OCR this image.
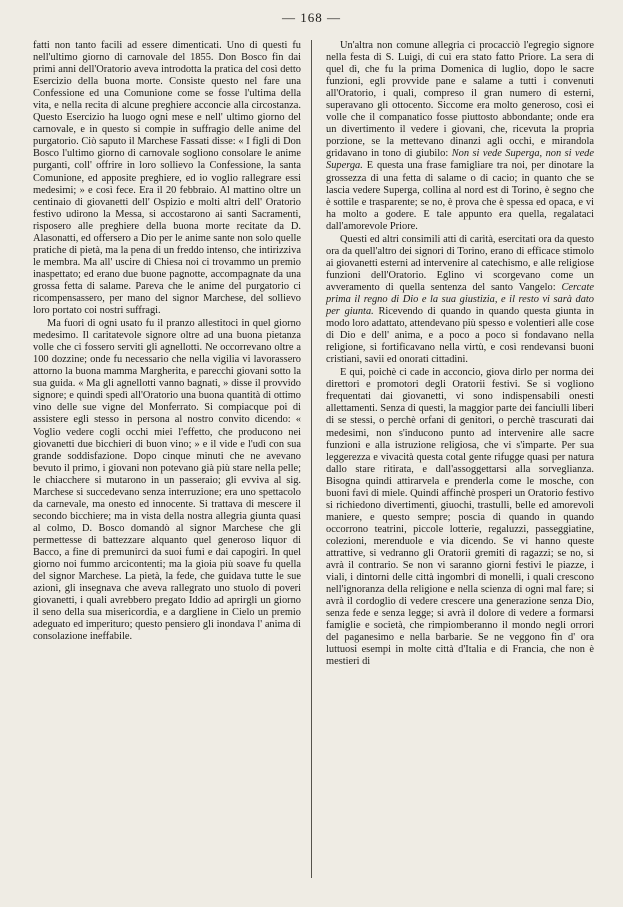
— 168 —

fatti non tanto facili ad essere dimenticati. Uno di questi fu nell'ultimo giorno di carnovale del 1855. Don Bosco fin dai primi anni dell'Oratorio aveva introdotta la pratica del così detto Esercizio della buona morte. Consiste questo nel fare una Confessione ed una Comunione come se fosse l'ultima della vita, e nella recita di alcune preghiere acconcie alla circostanza. Questo Esercizio ha luogo ogni mese e nell' ultimo giorno del carnovale, e in questo si compie in suffragio delle anime del purgatorio. Ciò saputo il Marchese Fassati disse: « I figli di Don Bosco l'ultimo giorno di carnovale sogliono consolare le anime purganti, coll' offrire in loro sollievo la Confessione, la santa Comunione, ed apposite preghiere, ed io voglio rallegrare essi medesimi; » e così fece. Era il 20 febbraio. Al mattino oltre un centinaio di giovanetti dell' Ospizio e molti altri dell' Oratorio festivo udirono la Messa, si accostarono ai santi Sacramenti, risposero alle preghiere della buona morte recitate da D. Alasonatti, ed offersero a Dio per le anime sante non solo quelle pratiche di pietà, ma la pena di un freddo intenso, che intirizziva le membra. Ma all' uscire di Chiesa noi ci trovammo un premio inaspettato; ed erano due buone pagnotte, accompagnate da una grossa fetta di salame. Pareva che le anime del purgatorio ci ricompensassero, per mano del signor Marchese, del sollievo loro portato coi nostri suffragi.

Ma fuori di ogni usato fu il pranzo allestitoci in quel giorno medesimo. Il caritatevole signore oltre ad una buona pietanza volle che ci fossero serviti gli agnellotti. Ne occorrevano oltre a 100 dozzine; onde fu necessario che nella vigilia vi lavorassero attorno la buona mamma Margherita, e parecchi giovani sotto la sua guida. « Ma gli agnellotti vanno bagnati, » disse il provvido signore; e quindi spedì all'Oratorio una buona quantità di ottimo vino delle sue vigne del Monferrato. Si compiacque poi di assistere egli stesso in persona al nostro convito dicendo: « Voglio vedere cogli occhi miei l'effetto, che producono nei giovanetti due bicchieri di buon vino; » e il vide e l'udì con sua grande soddisfazione. Dopo cinque minuti che ne avevano bevuto il primo, i giovani non potevano già più stare nella pelle; le chiacchere si mutarono in un passeraio; gli evviva al sig. Marchese si succedevano senza interruzione; era uno spettacolo da carnevale, ma onesto ed innocente. Si trattava di mescere il secondo bicchiere; ma in vista della nostra allegria giunta quasi al colmo, D. Bosco domandò al signor Marchese che gli permettesse di battezzare alquanto quel generoso liquor di Bacco, a fine di premunirci da suoi fumi e dai capogiri. In quel giorno noi fummo arcicontenti; ma la gioia più soave fu quella del signor Marchese. La pietà, la fede, che guidava tutte le sue azioni, gli insegnava che aveva rallegrato uno stuolo di poveri giovanetti, i quali avrebbero pregato Iddio ad aprirgli un giorno il seno della sua misericordia, e a dargliene in Cielo un premio adeguato ed imperituro; questo pensiero gli inondava l' anima di consolazione ineffabile.

Un'altra non comune allegria ci procacciò l'egregio signore nella festa di S. Luigi, di cui era stato fatto Priore. La sera di quel dì, che fu la prima Domenica di luglio, dopo le sacre funzioni, egli provvide pane e salame a tutti i convenuti all'Oratorio, i quali, compreso il gran numero di esterni, superavano gli ottocento. Siccome era molto generoso, così ei volle che il companatico fosse piuttosto abbondante; onde era un divertimento il vedere i giovani, che, ricevuta la propria porzione, se la mettevano dinanzi agli occhi, e mirandola gridavano in tono di giubilo: Non si vede Superga, non si vede Superga. E questa una frase famigliare tra noi, per dinotare la grossezza di una fetta di salame o di cacio; in quanto che se lascia vedere Superga, collina al nord est di Torino, è segno che è sottile e trasparente; se no, è prova che è spessa ed opaca, e vi ha molto a godere. E tale appunto era quella, regalataci dall'amorevole Priore.

Questi ed altri consimili atti di carità, esercitati ora da questo ora da quell'altro dei signori di Torino, erano di efficace stimolo ai giovanetti esterni ad intervenire al catechismo, e alle religiose funzioni dell'Oratorio. Eglino vi scorgevano come un avveramento di quella sentenza del santo Vangelo: Cercate prima il regno di Dio e la sua giustizia, e il resto vi sarà dato per giunta. Ricevendo di quando in quando questa giunta in modo loro adattato, attendevano più spesso e volentieri alle cose di Dio e dell' anima, e a poco a poco si fondavano nella religione, si fortificavano nella virtù, e così rendevansi buoni cristiani, savii ed onorati cittadini.

E qui, poichè ci cade in acconcio, giova dirlo per norma dei direttori e promotori degli Oratorii festivi. Se si vogliono frequentati dai giovanetti, vi sono indispensabili onesti allettamenti. Senza di questi, la maggior parte dei fanciulli liberi di se stessi, o perchè orfani di genitori, o perchè trascurati dai medesimi, non s'inducono punto ad intervenire alle sacre funzioni e alla istruzione religiosa, che vi s'imparte. Per sua leggerezza e vivacità questa cotal gente rifugge quasi per natura dallo stare ritirata, e dall'assoggettarsi alla sorveglianza. Bisogna quindi attirarvela e prenderla come le mosche, con buoni favi di miele. Quindi affinchè prosperi un Oratorio festivo si richiedono divertimenti, giuochi, trastulli, belle ed amorevoli maniere, e questo sempre; poscia di quando in quando occorrono teatrini, piccole lotterie, regaluzzi, passeggiatine, colezioni, merenduole e via dicendo. Se vi hanno queste attrattive, si vedranno gli Oratorii gremiti di ragazzi; se no, si avrà il contrario. Se non vi saranno giorni festivi le piazze, i viali, i dintorni delle città ingombri di monelli, i quali crescono nell'ignoranza della religione e nella scienza di ogni mal fare; si avrà il cordoglio di vedere crescere una generazione senza Dio, senza fede e senza legge; si avrà il dolore di vedere a formarsi famiglie e società, che rimpiomberanno il mondo negli orrori del paganesimo e nella barbarie. Se ne veggono fin d' ora luttuosi esempi in molte città d'Italia e di Francia, che non è mestieri di
